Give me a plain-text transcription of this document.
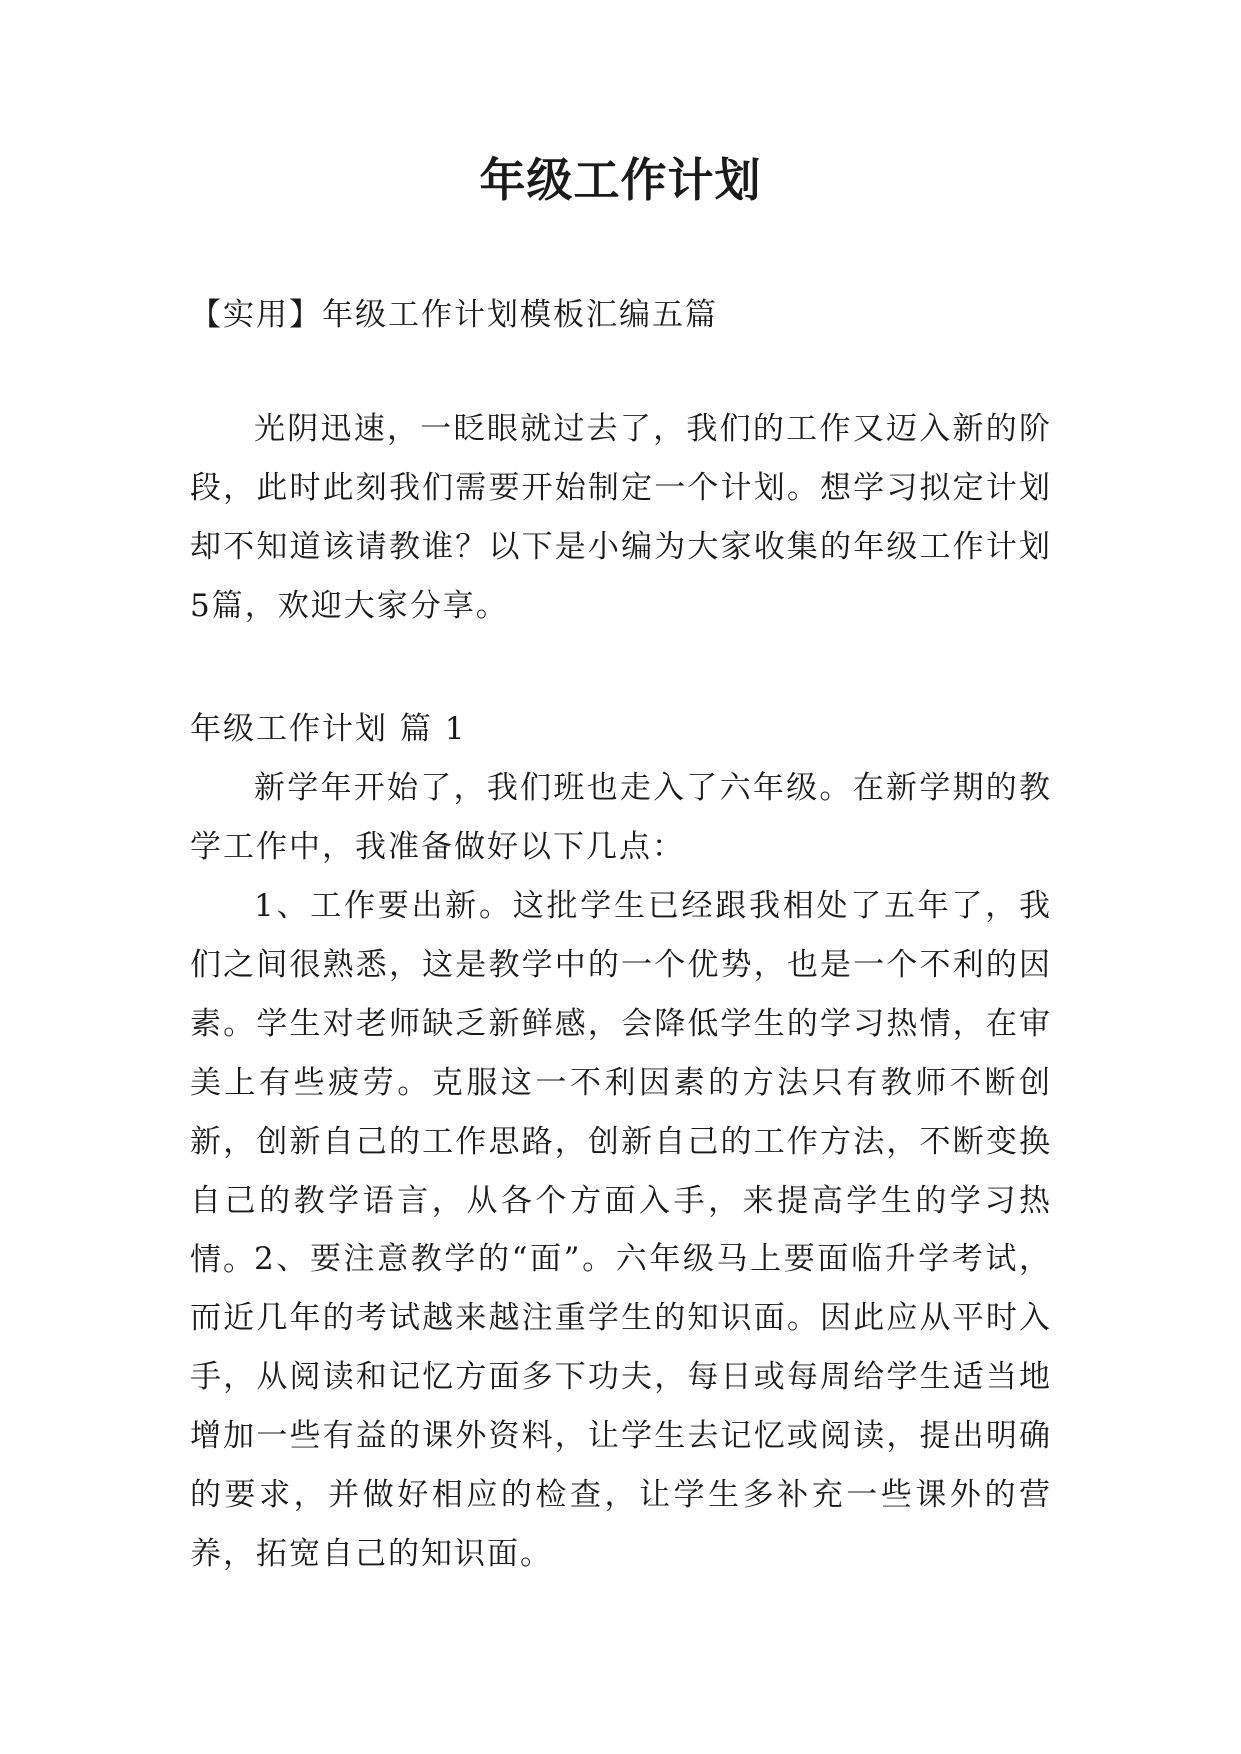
年级工作计划
【实用】年级工作计划模板汇编五篇

光阴迅速，一眨眼就过去了，我们的工作又迈入新的阶段，此时此刻我们需要开始制定一个计划。想学习拟定计划却不知道该请教谁？以下是小编为大家收集的年级工作计划5篇，欢迎大家分享。

年级工作计划 篇 1

新学年开始了，我们班也走入了六年级。在新学期的教学工作中，我准备做好以下几点：

1、工作要出新。这批学生已经跟我相处了五年了，我们之间很熟悉，这是教学中的一个优势，也是一个不利的因素。学生对老师缺乏新鲜感，会降低学生的学习热情，在审美上有些疲劳。克服这一不利因素的方法只有教师不断创新，创新自己的工作思路，创新自己的工作方法，不断变换自己的教学语言，从各个方面入手，来提高学生的学习热情。

2、要注意教学的“面”。六年级马上要面临升学考试，而近几年的考试越来越注重学生的知识面。因此应从平时入手，从阅读和记忆方面多下功夫，每日或每周给学生适当地增加一些有益的课外资料，让学生去记忆或阅读，提出明确的要求，并做好相应的检查，让学生多补充一些课外的营养，拓宽自己的知识面。
